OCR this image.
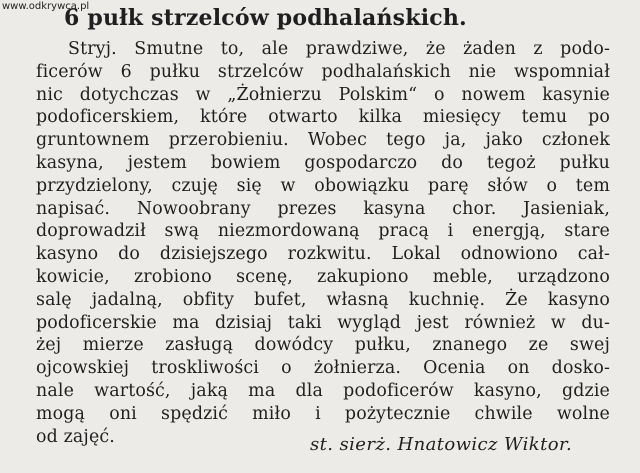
www.odkrywca.pl
6 pułk strzelców podhalańskich.
Stryj. Smutne to, ale prawdziwe, że żaden z podo-
ficerów 6 pułku strzelców podhalańskich nie wspomniał
nic dotychczas w „Żołnierzu Polskim“ o nowem kasynie
podoficerskiem, które otwarto kilka miesięcy temu po
gruntownem przerobieniu. Wobec tego ja, jako członek
kasyna, jestem bowiem gospodarczo do tegoż pułku
przydzielony, czuję się w obowiązku parę słów o tem
napisać. Nowoobrany prezes kasyna chor. Jasieniak,
doprowadził swą niezmordowaną pracą i energją, stare
kasyno do dzisiejszego rozkwitu. Lokal odnowiono cał-
kowicie, zrobiono scenę, zakupiono meble, urządzono
salę jadalną, obfity bufet, własną kuchnię. Że kasyno
podoficerskie ma dzisiaj taki wygląd jest również w du-
żej mierze zasługą dowódcy pułku, znanego ze swej
ojcowskiej troskliwości o żołnierza. Ocenia on dosko-
nale wartość, jaką ma dla podoficerów kasyno, gdzie
mogą oni spędzić miło i pożytecznie chwile wolne
od zajęć.	st. sierż. Hnatowicz Wiktor.
